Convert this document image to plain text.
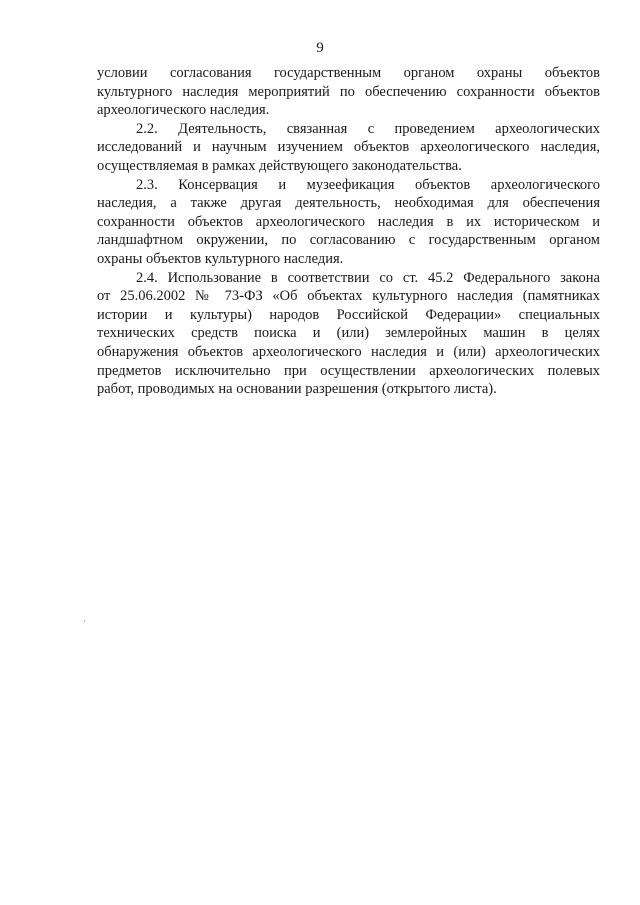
9
условии согласования государственным органом охраны объектов
культурного наследия мероприятий по обеспечению сохранности объектов
археологического наследия.
2.2. Деятельность, связанная с проведением археологических
исследований и научным изучением объектов археологического наследия,
осуществляемая в рамках действующего законодательства.
2.3. Консервация и музеефикация объектов археологического
наследия, а также другая деятельность, необходимая для обеспечения
сохранности объектов археологического наследия в их историческом и
ландшафтном окружении, по согласованию с государственным органом
охраны объектов культурного наследия.
2.4. Использование в соответствии со ст. 45.2 Федерального закона
от 25.06.2002 № 73-ФЗ «Об объектах культурного наследия (памятниках
истории и культуры) народов Российской Федерации» специальных
технических средств поиска и (или) землеройных машин в целях
обнаружения объектов археологического наследия и (или) археологических
предметов исключительно при осуществлении археологических полевых
работ, проводимых на основании разрешения (открытого листа).
